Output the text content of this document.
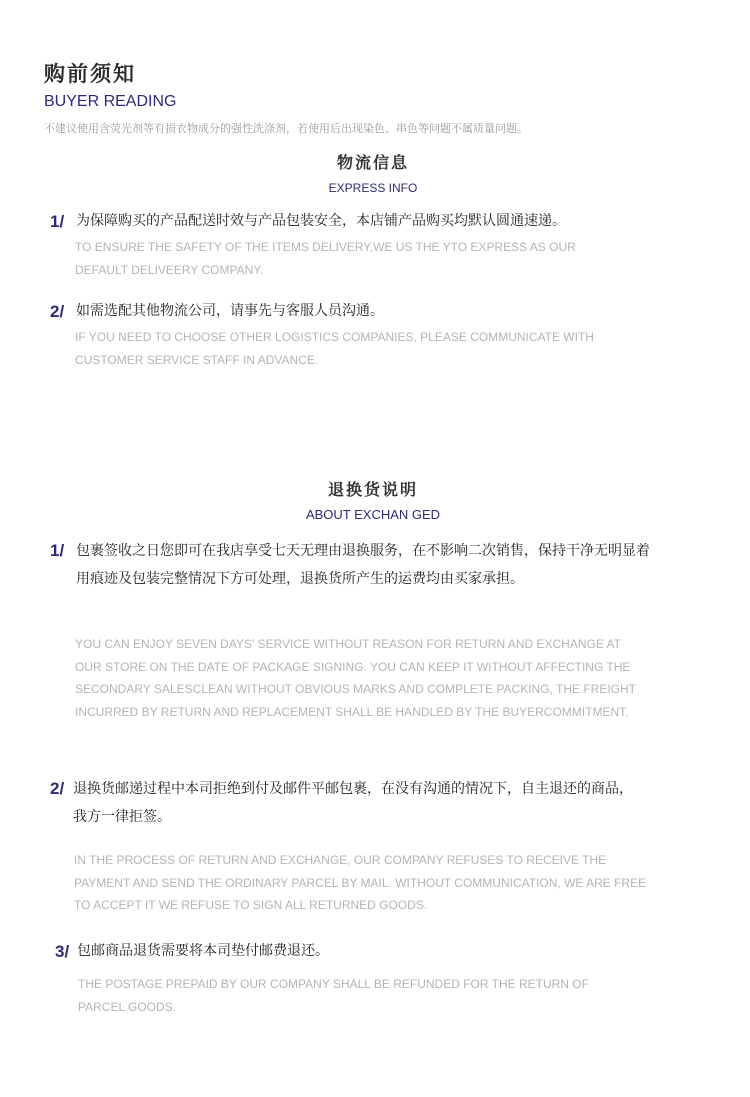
购前须知
BUYER READING
不建议使用含荧光剂等有损衣物成分的强性洗涤剂，若使用后出现染色、串色等问题不属质量问题。
物流信息
EXPRESS INFO
1/ 为保障购买的产品配送时效与产品包装安全，本店铺产品购买均默认圆通速递。
TO ENSURE THE SAFETY OF THE ITEMS DELIVERY,WE US THE YTO EXPRESS AS OUR DEFAULT DELIVEERY COMPANY.
2/ 如需选配其他物流公司，请事先与客服人员沟通。
IF YOU NEED TO CHOOSE OTHER LOGISTICS COMPANIES, PLEASE COMMUNICATE WITH CUSTOMER SERVICE STAFF IN ADVANCE.
退换货说明
ABOUT EXCHAN GED
1/ 包裹签收之日您即可在我店享受七天无理由退换服务，在不影响二次销售，保持干净无明显着用痕迹及包装完整情况下方可处理，退换货所产生的运费均由买家承担。
YOU CAN ENJOY SEVEN DAYS' SERVICE WITHOUT REASON FOR RETURN AND EXCHANGE AT OUR STORE ON THE DATE OF PACKAGE SIGNING. YOU CAN KEEP IT WITHOUT AFFECTING THE SECONDARY SALESCLEAN WITHOUT OBVIOUS MARKS AND COMPLETE PACKING, THE FREIGHT INCURRED BY RETURN AND REPLACEMENT SHALL BE HANDLED BY THE BUYERCOMMITMENT.
2/ 退换货邮递过程中本司拒绝到付及邮件平邮包裹，在没有沟通的情况下，自主退还的商品，我方一律拒签。
IN THE PROCESS OF RETURN AND EXCHANGE, OUR COMPANY REFUSES TO RECEIVE THE PAYMENT AND SEND THE ORDINARY PARCEL BY MAIL. WITHOUT COMMUNICATION, WE ARE FREE TO ACCEPT IT WE REFUSE TO SIGN ALL RETURNED GOODS.
3/ 包邮商品退货需要将本司垫付邮费退还。
THE POSTAGE PREPAID BY OUR COMPANY SHALL BE REFUNDED FOR THE RETURN OF PARCEL GOODS.
